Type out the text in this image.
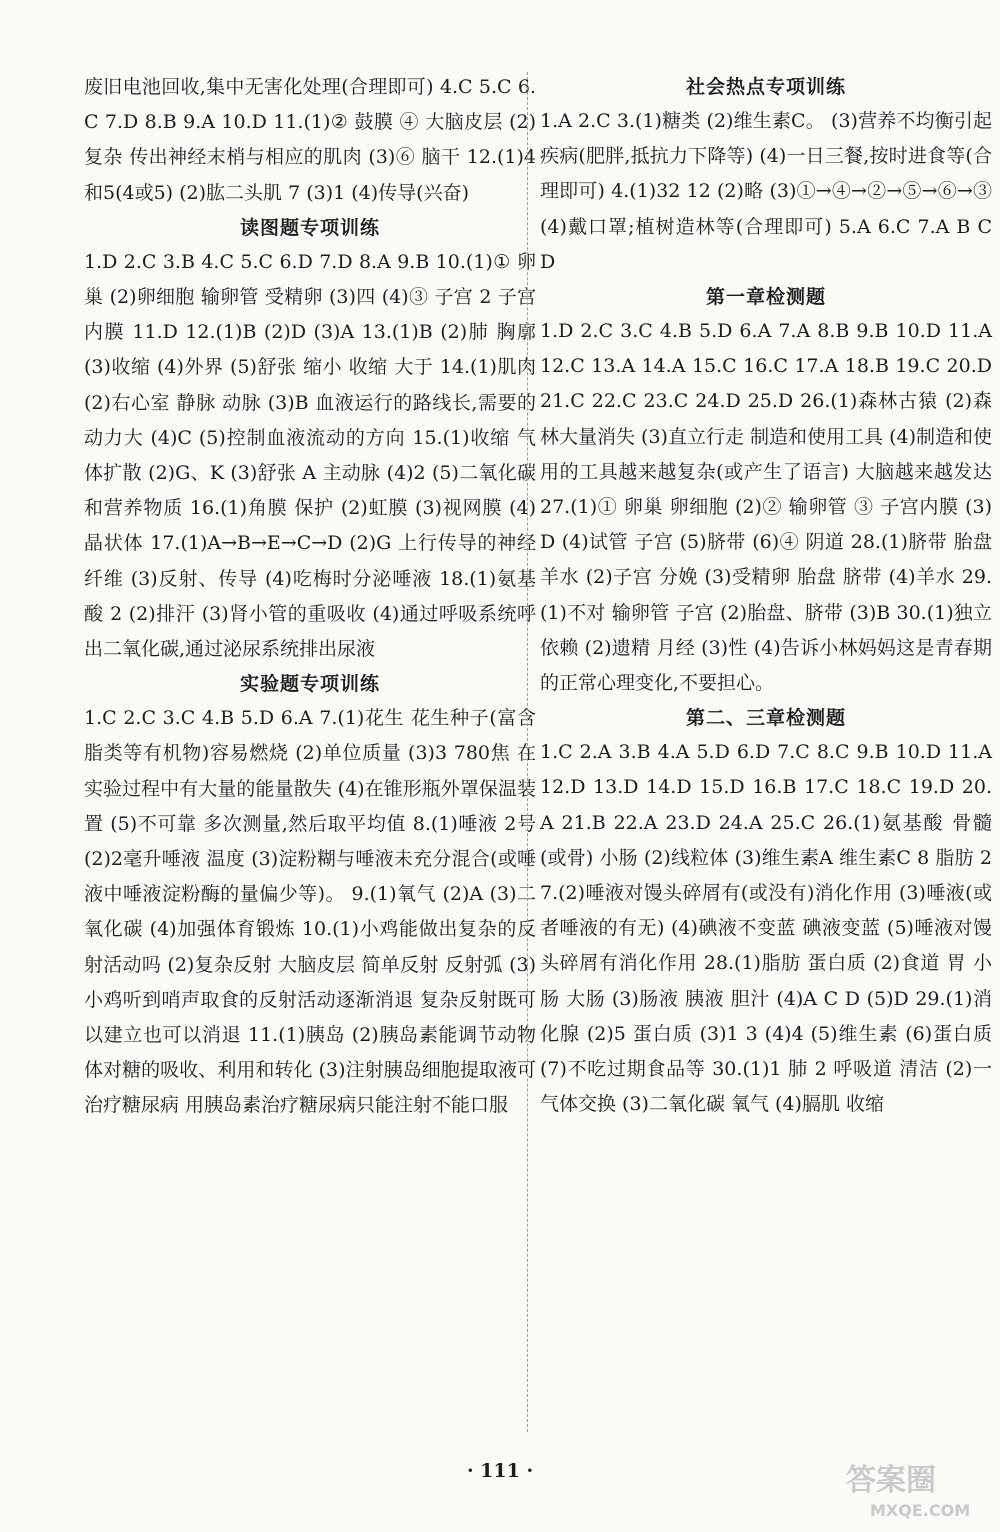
废旧电池回收,集中无害化处理(合理即可) 4.C 5.C 6.C 7.D 8.B 9.A 10.D 11.(1)② 鼓膜 ④ 大脑皮层 (2)复杂 传出神经末梢与相应的肌肉 (3)⑥ 脑干 12.(1)4和5(4或5) (2)肱二头肌 7 (3)1 (4)传导(兴奋)
读图题专项训练
1.D 2.C 3.B 4.C 5.C 6.D 7.D 8.A 9.B 10.(1)① 卵巢 (2)卵细胞 输卵管 受精卵 (3)四 (4)③ 子宫 2 子宫内膜 11.D 12.(1)B (2)D (3)A 13.(1)B (2)肺 胸廓 (3)收缩 (4)外界 (5)舒张 缩小 收缩 大于 14.(1)肌肉 (2)右心室 静脉 动脉 (3)B 血液运行的路线长,需要的动力大 (4)C (5)控制血液流动的方向 15.(1)收缩 气体扩散 (2)G、K (3)舒张 A 主动脉 (4)2 (5)二氧化碳和营养物质 16.(1)角膜 保护 (2)虹膜 (3)视网膜 (4)晶状体 17.(1)A→B→E→C→D (2)G 上行传导的神经纤维 (3)反射、传导 (4)吃梅时分泌唾液 18.(1)氨基酸 2 (2)排汗 (3)肾小管的重吸收 (4)通过呼吸系统呼出二氧化碳,通过泌尿系统排出尿液
实验题专项训练
1.C 2.C 3.C 4.B 5.D 6.A 7.(1)花生 花生种子(富含脂类等有机物)容易燃烧 (2)单位质量 (3)3 780焦 在实验过程中有大量的能量散失 (4)在锥形瓶外罩保温装置 (5)不可靠 多次测量,然后取平均值 8.(1)唾液 2号 (2)2毫升唾液 温度 (3)淀粉糊与唾液未充分混合(或唾液中唾液淀粉酶的量偏少等)。 9.(1)氧气 (2)A (3)二氧化碳 (4)加强体育锻炼 10.(1)小鸡能做出复杂的反射活动吗 (2)复杂反射 大脑皮层 简单反射 反射弧 (3)小鸡听到哨声取食的反射活动逐渐消退 复杂反射既可以建立也可以消退 11.(1)胰岛 (2)胰岛素能调节动物体对糖的吸收、利用和转化 (3)注射胰岛细胞提取液可治疗糖尿病 用胰岛素治疗糖尿病只能注射不能口服
社会热点专项训练
1.A 2.C 3.(1)糖类 (2)维生素C。 (3)营养不均衡引起疾病(肥胖,抵抗力下降等) (4)一日三餐,按时进食等(合理即可) 4.(1)32 12 (2)略 (3)①→④→②→⑤→⑥→③ (4)戴口罩;植树造林等(合理即可) 5.A 6.C 7.A B C D
第一章检测题
1.D 2.C 3.C 4.B 5.D 6.A 7.A 8.B 9.B 10.D 11.A 12.C 13.A 14.A 15.C 16.C 17.A 18.B 19.C 20.D 21.C 22.C 23.C 24.D 25.D 26.(1)森林古猿 (2)森林大量消失 (3)直立行走 制造和使用工具 (4)制造和使用的工具越来越复杂(或产生了语言) 大脑越来越发达 27.(1)① 卵巢 卵细胞 (2)② 输卵管 ③ 子宫内膜 (3)D (4)试管 子宫 (5)脐带 (6)④ 阴道 28.(1)脐带 胎盘 羊水 (2)子宫 分娩 (3)受精卵 胎盘 脐带 (4)羊水 29.(1)不对 输卵管 子宫 (2)胎盘、脐带 (3)B 30.(1)独立 依赖 (2)遗精 月经 (3)性 (4)告诉小林妈妈这是青春期的正常心理变化,不要担心。
第二、三章检测题
1.C 2.A 3.B 4.A 5.D 6.D 7.C 8.C 9.B 10.D 11.A 12.D 13.D 14.D 15.D 16.B 17.C 18.C 19.D 20.A 21.B 22.A 23.D 24.A 25.C 26.(1)氨基酸 骨髓(或骨) 小肠 (2)线粒体 (3)维生素A 维生素C 8 脂肪 27.(2)唾液对馒头碎屑有(或没有)消化作用 (3)唾液(或者唾液的有无) (4)碘液不变蓝 碘液变蓝 (5)唾液对馒头碎屑有消化作用 28.(1)脂肪 蛋白质 (2)食道 胃 小肠 大肠 (3)肠液 胰液 胆汁 (4)A C D (5)D 29.(1)消化腺 (2)5 蛋白质 (3)1 3 (4)4 (5)维生素 (6)蛋白质 (7)不吃过期食品等 30.(1)1 肺 2 呼吸道 清洁 (2)一 气体交换 (3)二氧化碳 氧气 (4)膈肌 收缩
· 111 ·	答案圈
MXQE.COM
